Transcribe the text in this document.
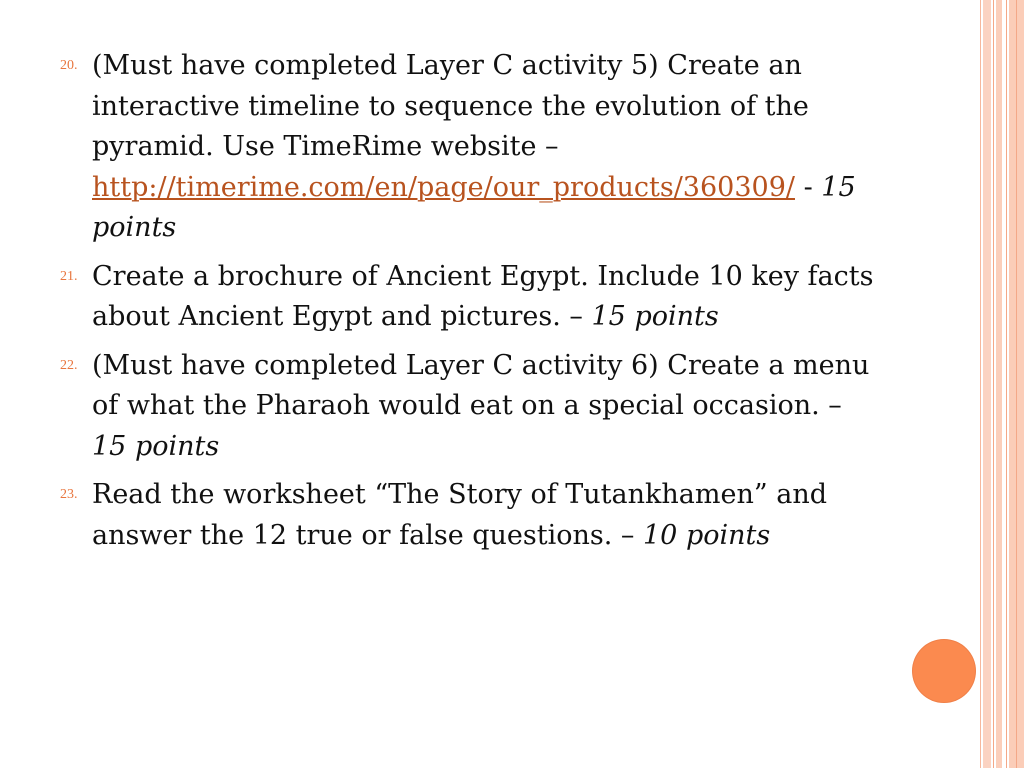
20. (Must have completed Layer C activity 5) Create an interactive timeline to sequence the evolution of the pyramid. Use TimeRime website –
http://timerime.com/en/page/our_products/360309/ - 15 points
21. Create a brochure of Ancient Egypt. Include 10 key facts about Ancient Egypt and pictures. – 15 points
22. (Must have completed Layer C activity 6) Create a menu of what the Pharaoh would eat on a special occasion. – 15 points
23. Read the worksheet “The Story of Tutankhamen” and answer the 12 true or false questions. – 10 points
